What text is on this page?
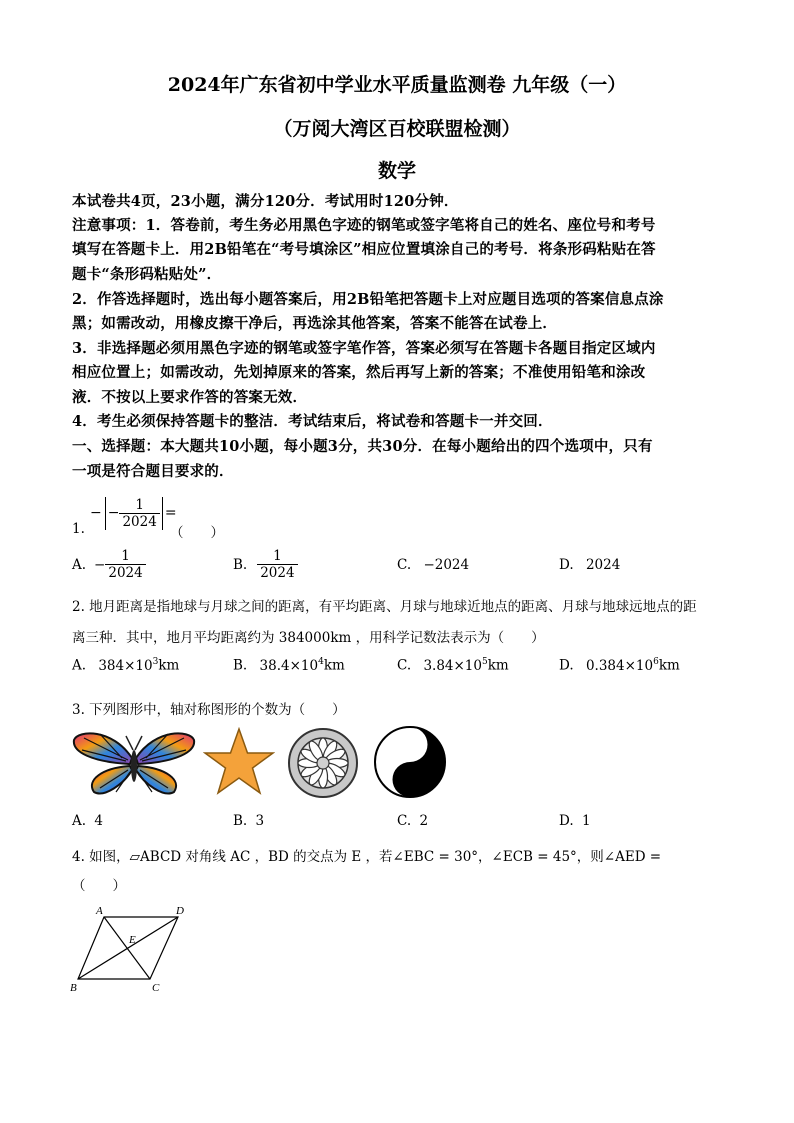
2024年广东省初中学业水平质量监测卷 九年级（一）
（万阅大湾区百校联盟检测）
数学
本试卷共4页，23小题，满分120分．考试用时120分钟．
注意事项：1．答卷前，考生务必用黑色字迹的钢笔或签字笔将自己的姓名、座位号和考号
填写在答题卡上．用2B铅笔在“考号填涂区”相应位置填涂自己的考号．将条形码粘贴在答
题卡“条形码粘贴处”．
2．作答选择题时，选出每小题答案后，用2B铅笔把答题卡上对应题目选项的答案信息点涂
黑；如需改动，用橡皮擦干净后，再选涂其他答案，答案不能答在试卷上．
3．非选择题必须用黑色字迹的钢笔或签字笔作答，答案必须写在答题卡各题目指定区域内
相应位置上；如需改动，先划掉原来的答案，然后再写上新的答案；不准使用铅笔和涂改
液．不按以上要求作答的答案无效．
4．考生必须保持答题卡的整洁．考试结束后，将试卷和答题卡一并交回．
一、选择题：本大题共10小题，每小题3分，共30分．在每小题给出的四个选项中，只有
一项是符合题目要求的．
1.
− − $\frac{1}{2024}$ =
（　　）
A. − $\frac{1}{2024}$	B. $\frac{1}{2024}$	C. −2024	D. 2024
2. 地月距离是指地球与月球之间的距离，有平均距离、月球与地球近地点的距离、月球与地球远地点的距
离三种．其中，地月平均距离约为 384000km ，用科学记数法表示为（　　）
A. $384\times 10^3km$	B. $38.4\times 10^4km$	C. $3.84\times 10^5km$	D. $0.384\times 10^6km$
3. 下列图形中，轴对称图形的个数为（　　）
A. 4	B. 3	C. 2	D. 1
4. 如图，▱ABCD 对角线 AC ，BD 的交点为 E ，若∠EBC = 30°，∠ECB = 45°，则∠AED =
（　　）
A	D
E
B	C
